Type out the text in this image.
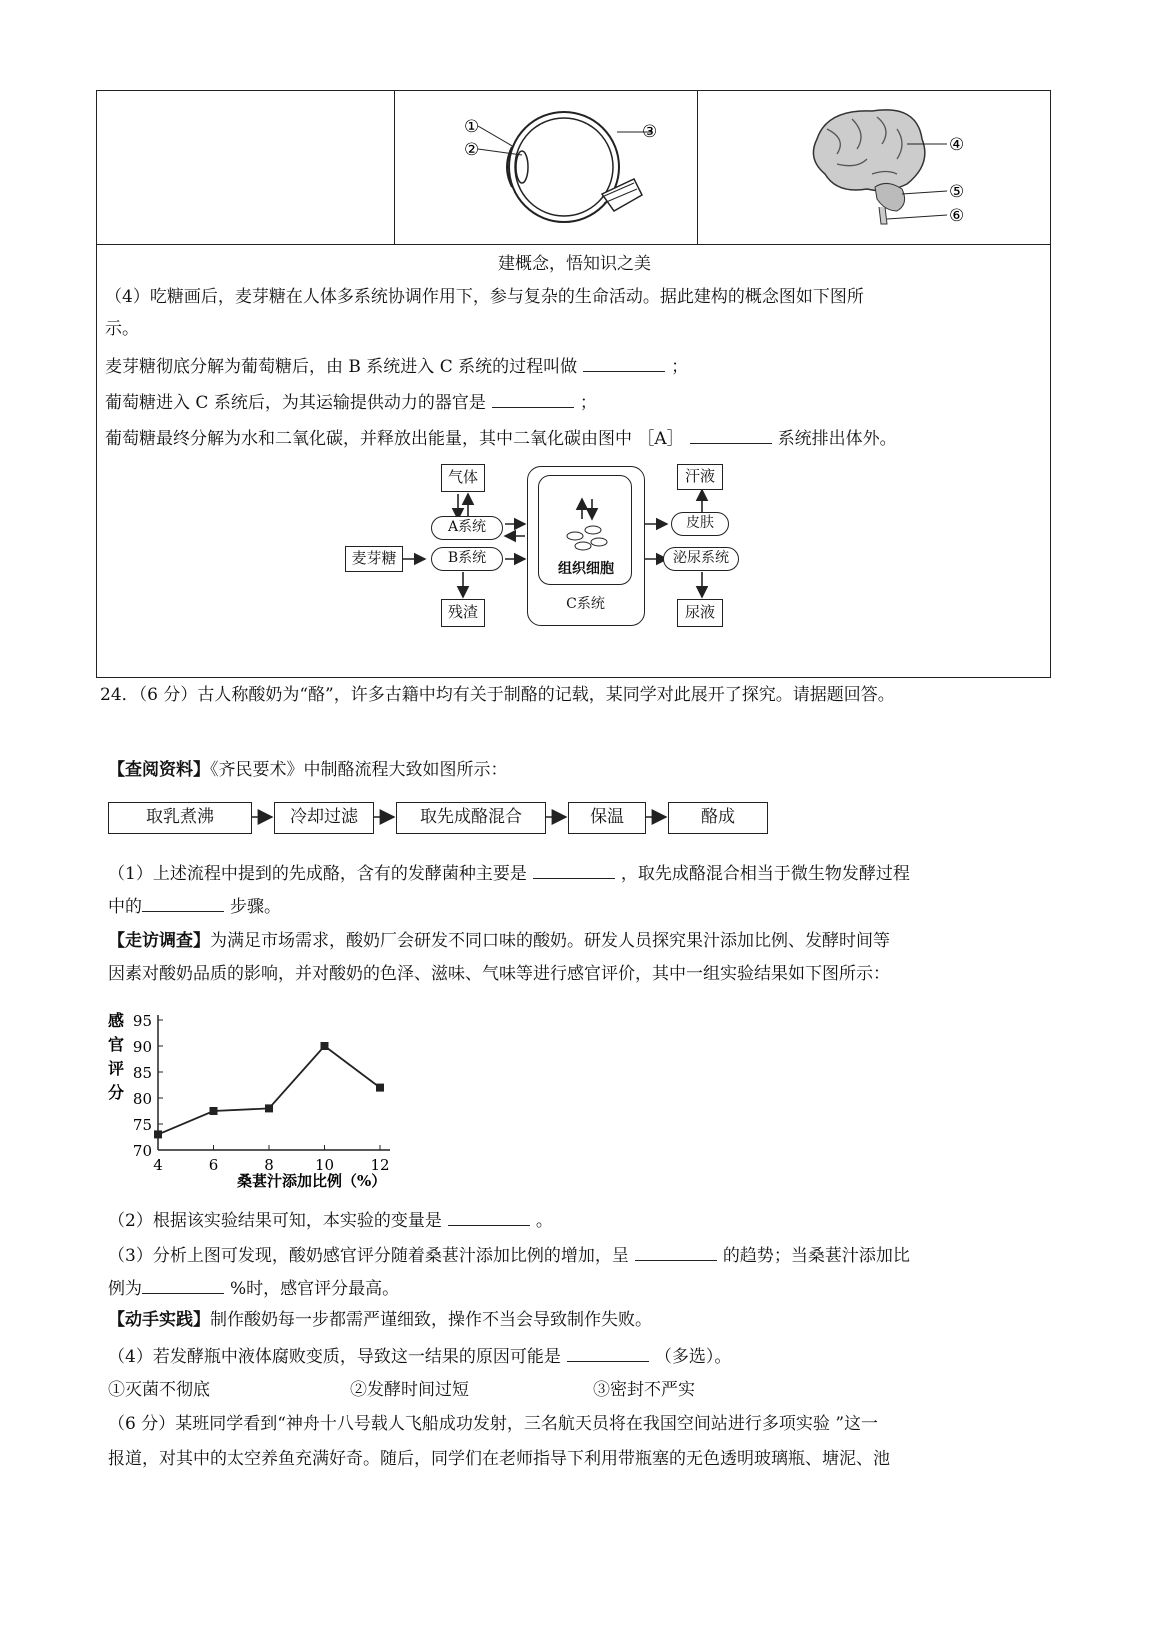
①
②
③
④
⑤
⑥
建概念，悟知识之美
（4）吃糖画后，麦芽糖在人体多系统协调作用下，参与复杂的生命活动。据此建构的概念图如下图所
示。
麦芽糖彻底分解为葡萄糖后，由 B 系统进入 C 系统的过程叫做	；
葡萄糖进入 C 系统后，为其运输提供动力的器官是	；
葡萄糖最终分解为水和二氧化碳，并释放出能量，其中二氧化碳由图中 ［A］	系统排出体外。
气体
A系统
麦芽糖	B系统
残渣
组织细胞
C系统
汗液
皮肤
泌尿系统
尿液
24．（6 分）古人称酸奶为“酪”，许多古籍中均有关于制酪的记载，某同学对此展开了探究。请据题回答。
【查阅资料】《齐民要术》中制酪流程大致如图所示：
取乳煮沸	冷却过滤	取先成酪混合	保温	酪成
（1）上述流程中提到的先成酪，含有的发酵菌种主要是	，取先成酪混合相当于微生物发酵过程
中的	步骤。
【走访调查】为满足市场需求，酸奶厂会研发不同口味的酸奶。研发人员探究果汁添加比例、发酵时间等
因素对酸奶品质的影响，并对酸奶的色泽、滋味、气味等进行感官评价，其中一组实验结果如下图所示：
感官评分
桑葚汁添加比例（%）
70
75
80
85
90
95
4	6	8	10 12
（2）根据该实验结果可知，本实验的变量是	。
（3）分析上图可发现，酸奶感官评分随着桑葚汁添加比例的增加，呈	的趋势；当桑葚汁添加比
例为	%时，感官评分最高。
【动手实践】制作酸奶每一步都需严谨细致，操作不当会导致制作失败。
（4）若发酵瓶中液体腐败变质，导致这一结果的原因可能是	（多选）。
①灭菌不彻底	②发酵时间过短	③密封不严实
（6 分）某班同学看到“神舟十八号载人飞船成功发射，三名航天员将在我国空间站进行多项实验 ”这一
报道，对其中的太空养鱼充满好奇。随后，同学们在老师指导下利用带瓶塞的无色透明玻璃瓶、塘泥、池
